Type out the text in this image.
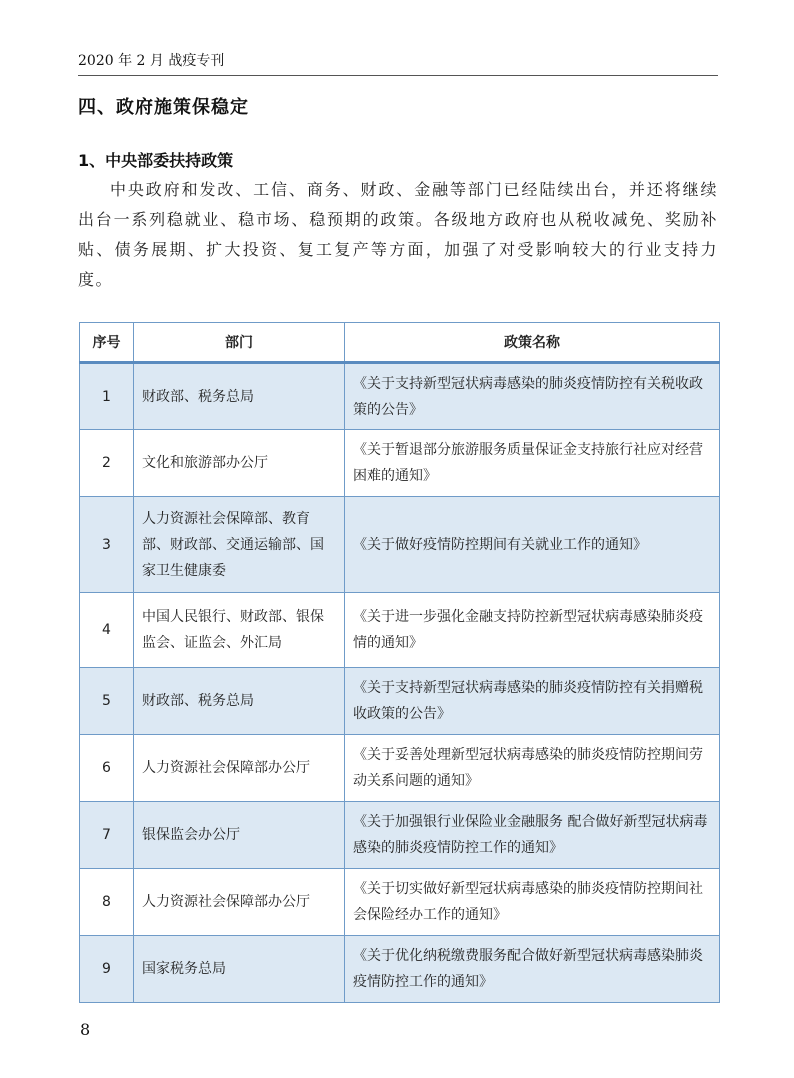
2020 年 2 月 战疫专刊
四、政府施策保稳定
1、中央部委扶持政策
中央政府和发改、工信、商务、财政、金融等部门已经陆续出台，并还将继续出台一系列稳就业、稳市场、稳预期的政策。各级地方政府也从税收减免、奖励补贴、债务展期、扩大投资、复工复产等方面，加强了对受影响较大的行业支持力度。
序号	部门	政策名称
1	财政部、税务总局	《关于支持新型冠状病毒感染的肺炎疫情防控有关税收政策的公告》
2	文化和旅游部办公厅	《关于暂退部分旅游服务质量保证金支持旅行社应对经营困难的通知》
3	人力资源社会保障部、教育部、财政部、交通运输部、国家卫生健康委	《关于做好疫情防控期间有关就业工作的通知》
4	中国人民银行、财政部、银保监会、证监会、外汇局	《关于进一步强化金融支持防控新型冠状病毒感染肺炎疫情的通知》
5	财政部、税务总局	《关于支持新型冠状病毒感染的肺炎疫情防控有关捐赠税收政策的公告》
6	人力资源社会保障部办公厅	《关于妥善处理新型冠状病毒感染的肺炎疫情防控期间劳动关系问题的通知》
7	银保监会办公厅	《关于加强银行业保险业金融服务 配合做好新型冠状病毒感染的肺炎疫情防控工作的通知》
8	人力资源社会保障部办公厅	《关于切实做好新型冠状病毒感染的肺炎疫情防控期间社会保险经办工作的通知》
9	国家税务总局	《关于优化纳税缴费服务配合做好新型冠状病毒感染肺炎疫情防控工作的通知》
8
